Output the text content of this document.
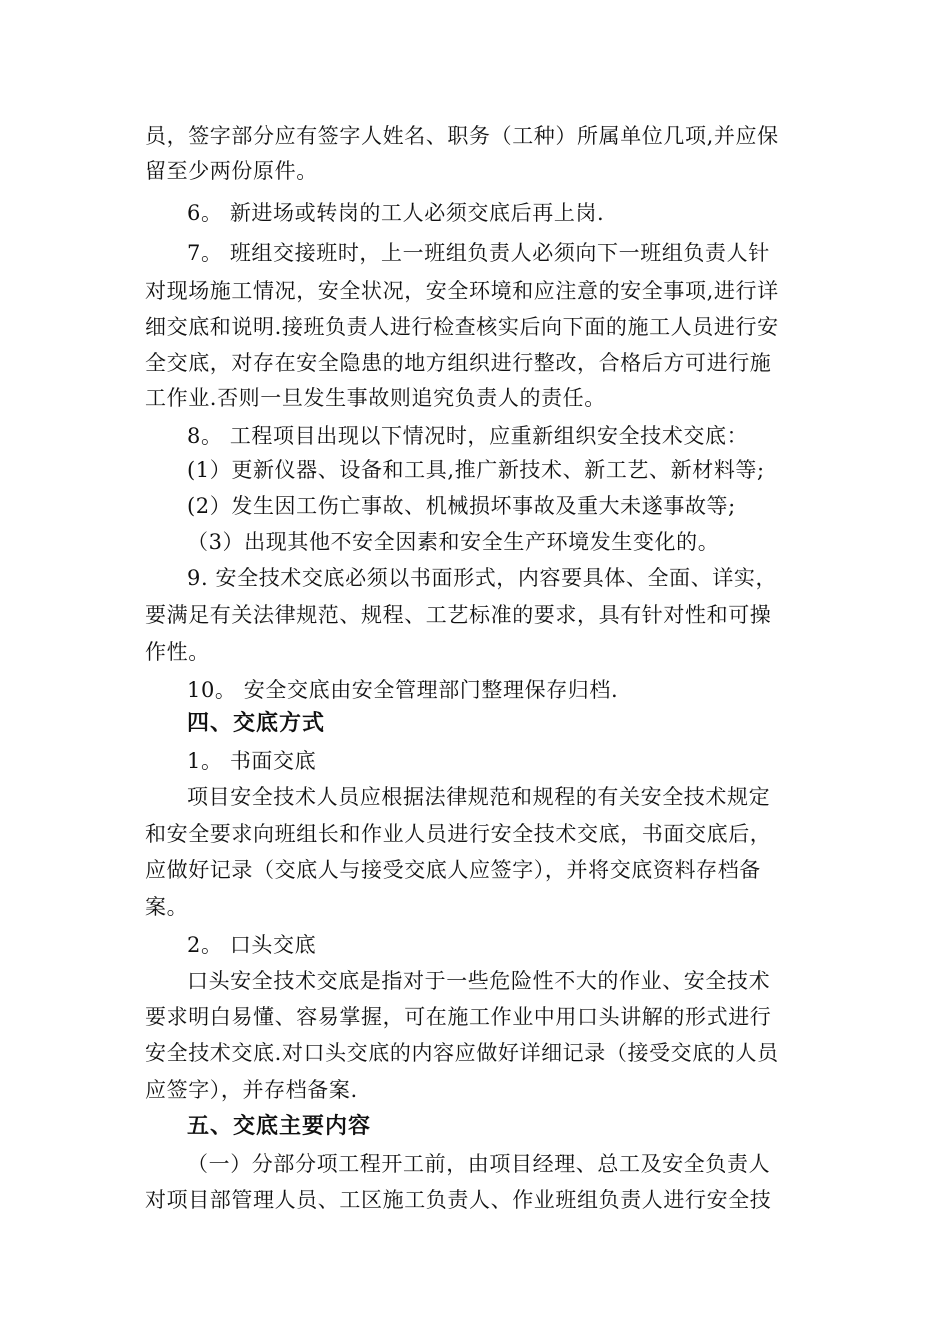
员，签字部分应有签字人姓名、职务（工种）所属单位几项,并应保
留至少两份原件。
6。 新进场或转岗的工人必须交底后再上岗.
7。 班组交接班时，上一班组负责人必须向下一班组负责人针
对现场施工情况，安全状况，安全环境和应注意的安全事项,进行详
细交底和说明.接班负责人进行检查核实后向下面的施工人员进行安
全交底，对存在安全隐患的地方组织进行整改，合格后方可进行施
工作业.否则一旦发生事故则追究负责人的责任。
8。 工程项目出现以下情况时，应重新组织安全技术交底：
(1）更新仪器、设备和工具,推广新技术、新工艺、新材料等;
(2）发生因工伤亡事故、机械损坏事故及重大未遂事故等;
（3）出现其他不安全因素和安全生产环境发生变化的。
9. 安全技术交底必须以书面形式，内容要具体、全面、详实，
要满足有关法律规范、规程、工艺标准的要求，具有针对性和可操
作性。
10。 安全交底由安全管理部门整理保存归档.
四、交底方式
1。 书面交底
项目安全技术人员应根据法律规范和规程的有关安全技术规定
和安全要求向班组长和作业人员进行安全技术交底，书面交底后，
应做好记录（交底人与接受交底人应签字），并将交底资料存档备
案。
2。 口头交底
口头安全技术交底是指对于一些危险性不大的作业、安全技术
要求明白易懂、容易掌握，可在施工作业中用口头讲解的形式进行
安全技术交底.对口头交底的内容应做好详细记录（接受交底的人员
应签字），并存档备案.
五、交底主要内容
（一）分部分项工程开工前，由项目经理、总工及安全负责人
对项目部管理人员、工区施工负责人、作业班组负责人进行安全技
